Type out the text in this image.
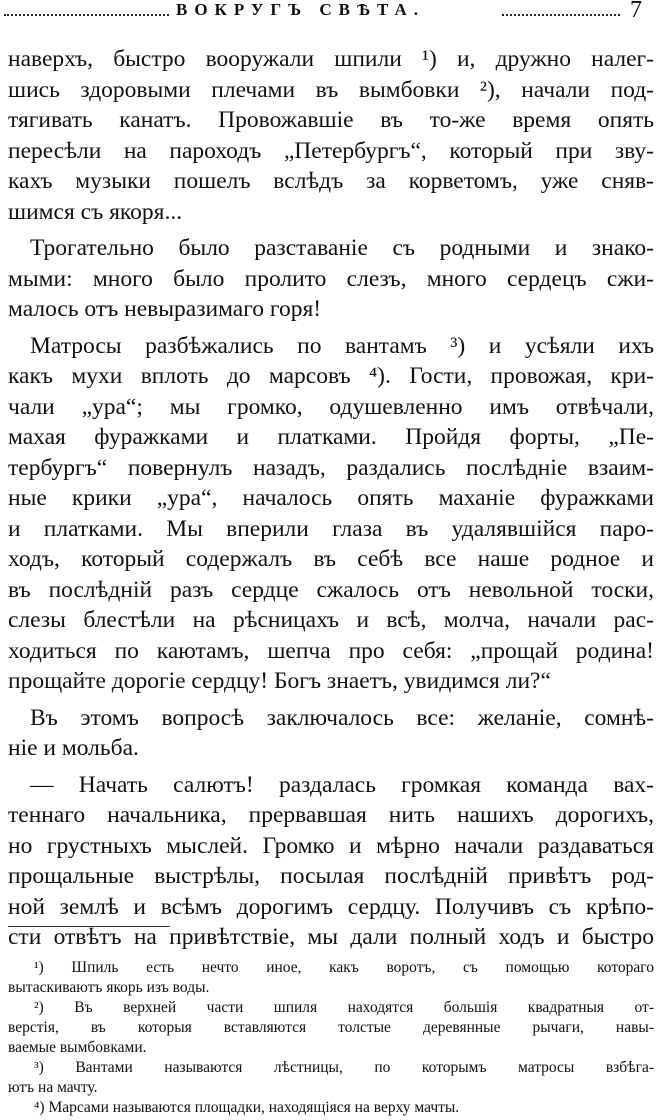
ВОКРУГЪ СВѢТА.	7
наверхъ, быстро вооружали шпили ¹) и, дружно налег-
шись здоровыми плечами въ вымбовки ²), начали под-
тягивать канатъ. Провожавшіе въ то-же время опять
пересѣли на пароходъ „Петербургъ“, который при зву-
кахъ музыки пошелъ вслѣдъ за корветомъ, уже сняв-
шимся съ якоря...
Трогательно было разставаніе съ родными и знако-
мыми: много было пролито слезъ, много сердецъ сжи-
малось отъ невыразимаго горя!
Матросы разбѣжались по вантамъ ³) и усѣяли ихъ
какъ мухи вплоть до марсовъ ⁴). Гости, провожая, кри-
чали „ура“; мы громко, одушевленно имъ отвѣчали,
махая фуражками и платками. Пройдя форты, „Пе-
тербургъ“ повернулъ назадъ, раздались послѣдніе взаим-
ные крики „ура“, началось опять маханіе фуражками
и платками. Мы вперили глаза въ удалявшійся паро-
ходъ, который содержалъ въ себѣ все наше родное и
въ послѣдній разъ сердце сжалось отъ невольной тоски,
слезы блестѣли на рѣсницахъ и всѣ, молча, начали рас-
ходиться по каютамъ, шепча про себя: „прощай родина!
прощайте дорогіе сердцу! Богъ знаетъ, увидимся ли?“
Въ этомъ вопросѣ заключалось все: желаніе, сомнѣ-
ніе и мольба.
— Начать салютъ! раздалась громкая команда вах-
теннаго начальника, прервавшая нить нашихъ дорогихъ,
но грустныхъ мыслей. Громко и мѣрно начали раздаваться
прощальные выстрѣлы, посылая послѣдній привѣтъ род-
ной землѣ и всѣмъ дорогимъ сердцу. Получивъ съ крѣпо-
сти отвѣтъ на привѣтствіе, мы дали полный ходъ и быстро
¹) Шпиль есть нечто иное, какъ воротъ, съ помощью котораго
вытаскиваютъ якорь изъ воды.
²) Въ верхней части шпиля находятся большія квадратныя от-
верстія, въ которыя вставляются толстые деревянные рычаги, навы-
ваемые вымбовками.
³) Вантами называются лѣстницы, по которымъ матросы взбѣга-
ютъ на мачту.
⁴) Марсами называются площадки, находящіяся на верху мачты.
